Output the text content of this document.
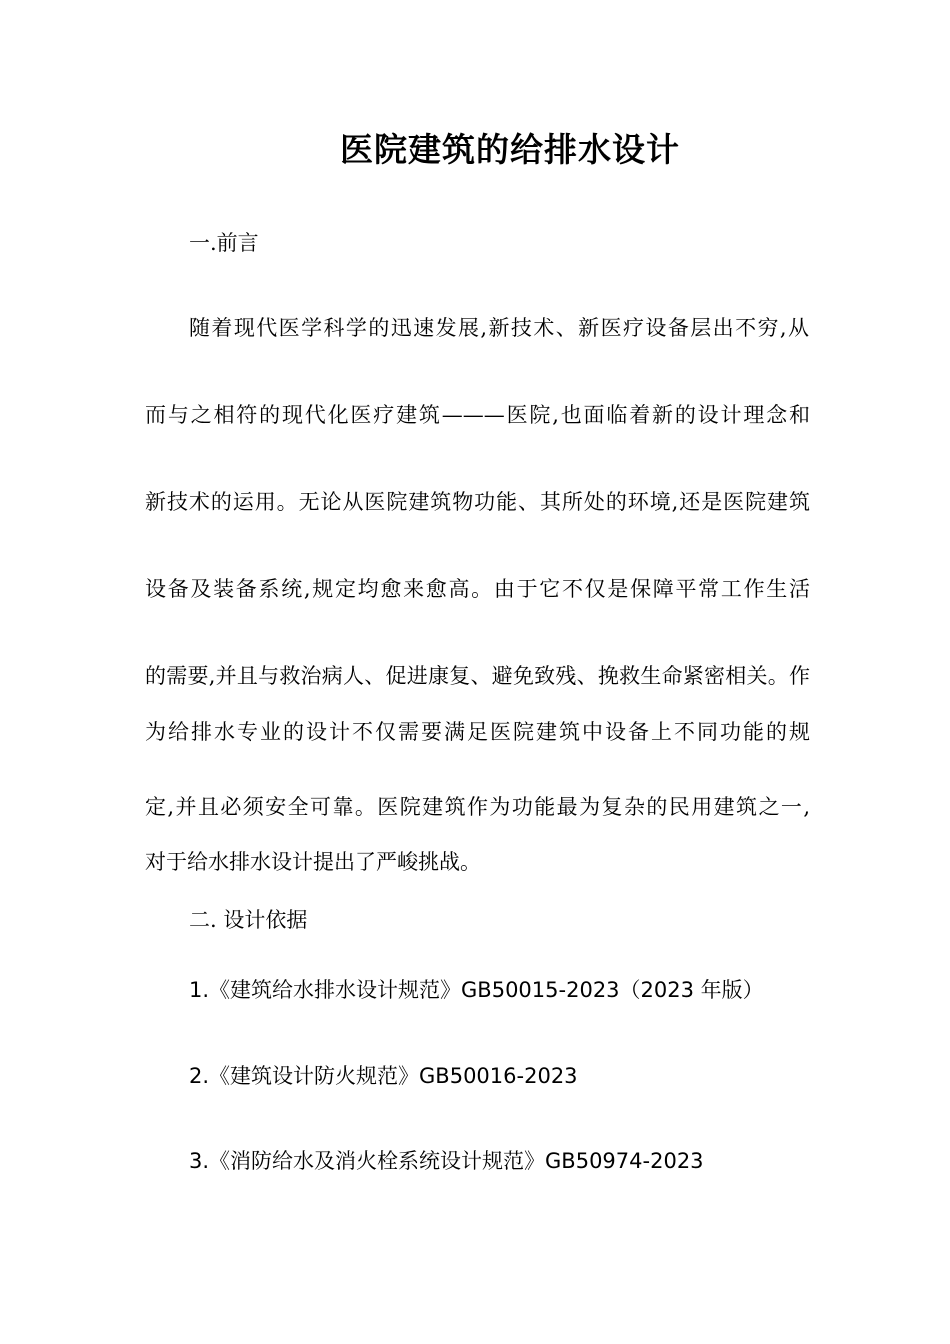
医院建筑的给排水设计
一.前言
随着现代医学科学的迅速发展,新技术、新医疗设备层出不穷,从
而与之相符的现代化医疗建筑———医院,也面临着新的设计理念和
新技术的运用。无论从医院建筑物功能、其所处的环境,还是医院建筑
设备及装备系统,规定均愈来愈高。由于它不仅是保障平常工作生活
的需要,并且与救治病人、促进康复、避免致残、挽救生命紧密相关。作
为给排水专业的设计不仅需要满足医院建筑中设备上不同功能的规
定,并且必须安全可靠。医院建筑作为功能最为复杂的民用建筑之一,
对于给水排水设计提出了严峻挑战。
二. 设计依据
1.《建筑给水排水设计规范》GB50015-2023（2023 年版）
2.《建筑设计防火规范》GB50016-2023
3.《消防给水及消火栓系统设计规范》GB50974-2023
